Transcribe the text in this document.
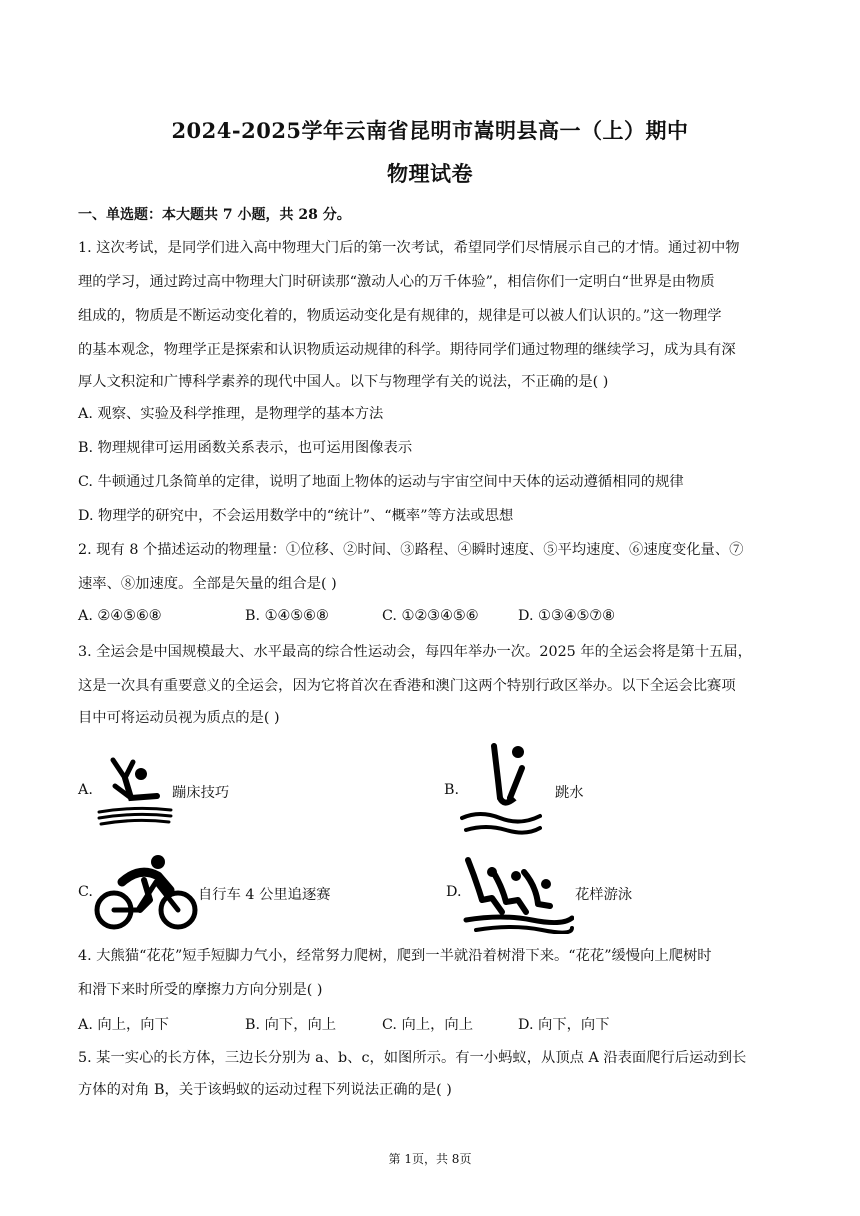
2024-2025学年云南省昆明市嵩明县高一（上）期中
物理试卷
一、单选题：本大题共 7 小题，共 28 分。
1. 这次考试，是同学们进入高中物理大门后的第一次考试，希望同学们尽情展示自己的才情。通过初中物
理的学习，通过跨过高中物理大门时研读那“激动人心的万千体验”，相信你们一定明白“世界是由物质
组成的，物质是不断运动变化着的，物质运动变化是有规律的，规律是可以被人们认识的。”这一物理学
的基本观念，物理学正是探索和认识物质运动规律的科学。期待同学们通过物理的继续学习，成为具有深
厚人文积淀和广博科学素养的现代中国人。以下与物理学有关的说法，不正确的是( )
A. 观察、实验及科学推理，是物理学的基本方法
B. 物理规律可运用函数关系表示，也可运用图像表示
C. 牛顿通过几条简单的定律，说明了地面上物体的运动与宇宙空间中天体的运动遵循相同的规律
D. 物理学的研究中，不会运用数学中的“统计”、“概率”等方法或思想
2. 现有 8 个描述运动的物理量：①位移、②时间、③路程、④瞬时速度、⑤平均速度、⑥速度变化量、⑦
速率、⑧加速度。全部是矢量的组合是( )
A. ②④⑤⑥⑧	B. ①④⑤⑥⑧	C. ①②③④⑤⑥	D. ①③④⑤⑦⑧
3. 全运会是中国规模最大、水平最高的综合性运动会，每四年举办一次。2025 年的全运会将是第十五届，
这是一次具有重要意义的全运会，因为它将首次在香港和澳门这两个特别行政区举办。以下全运会比赛项
目中可将运动员视为质点的是( )
A.	蹦床技巧	B.	跳水
C.	自行车 4 公里追逐赛	D.	花样游泳
4. 大熊猫“花花”短手短脚力气小，经常努力爬树，爬到一半就沿着树滑下来。“花花”缓慢向上爬树时
和滑下来时所受的摩擦力方向分别是( )
A. 向上，向下	B. 向下，向上	C. 向上，向上	D. 向下，向下
5. 某一实心的长方体，三边长分别为 a、b、c，如图所示。有一小蚂蚁，从顶点 A 沿表面爬行后运动到长
方体的对角 B，关于该蚂蚁的运动过程下列说法正确的是( )
第 1页，共 8页
